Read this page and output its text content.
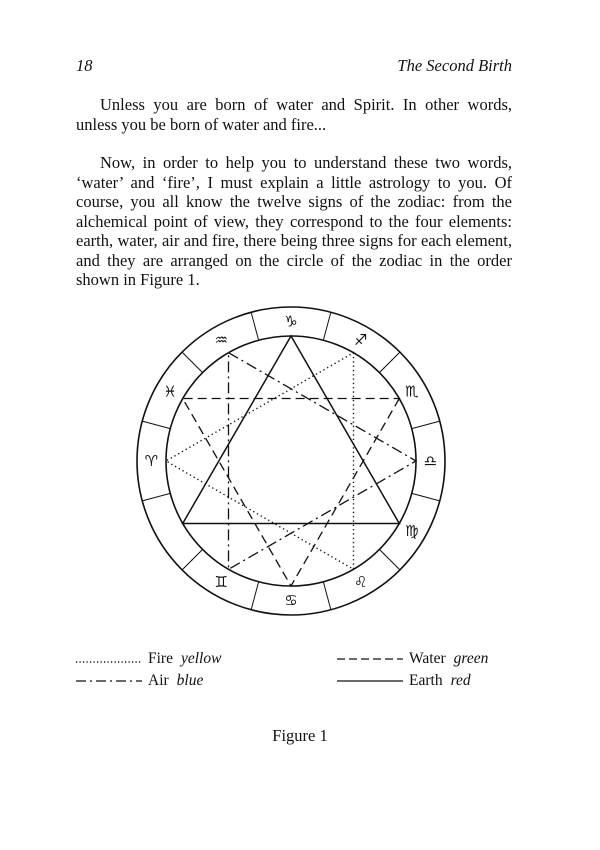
18	The Second Birth

Unless you are born of water and Spirit. In other words, unless you be born of water and fire...

Now, in order to help you to understand these two words, ‘water’ and ‘fire’, I must explain a little astrology to you. Of course, you all know the twelve signs of the zodiac: from the alchemical point of view, they correspond to the four elements: earth, water, air and fire, there being three signs for each element, and they are arranged on the circle of the zodiac in the order shown in Figure 1.

♑
♐
♏
♎
♍
♌
♋
♊
♈
♓
♒
Fire yellow	Water green
Air blue	Earth red
Figure 1
